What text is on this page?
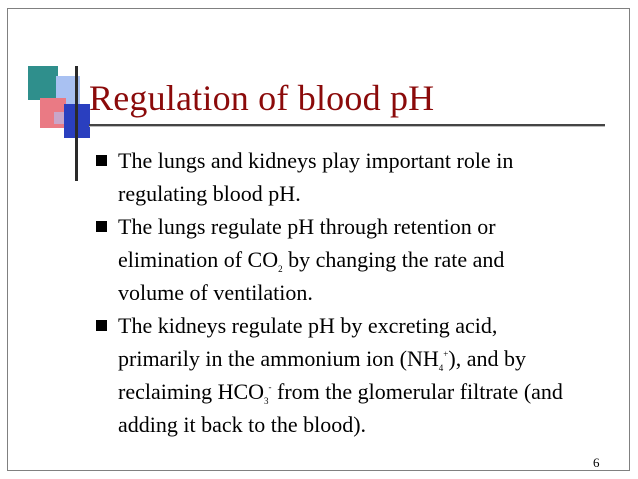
Regulation of blood pH
The lungs and kidneys play important role in
regulating blood pH.
The lungs regulate pH through retention or
elimination of $CO_2$ by changing the rate and
volume of ventilation.
The kidneys regulate pH by excreting acid,
primarily in the ammonium ion $(NH_4^+)$, and by
reclaiming $HCO_3^-$ from the glomerular filtrate (and
adding it back to the blood).
6
